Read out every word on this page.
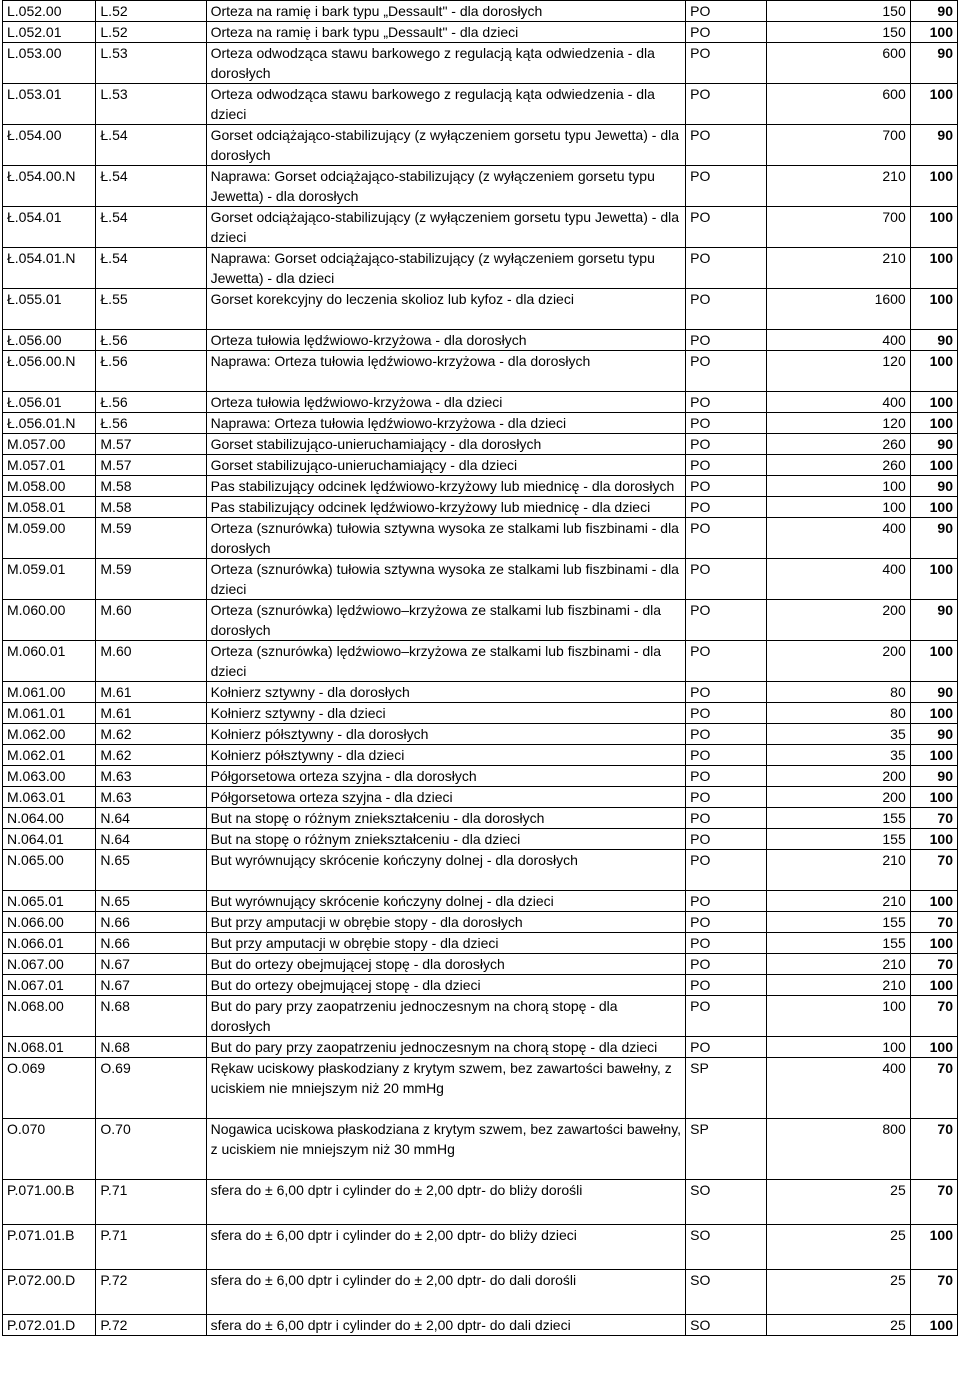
L.052.00	L.52	Orteza na ramię i bark typu „Dessault" - dla dorosłych	PO	150	90
L.052.01	L.52	Orteza na ramię i bark typu „Dessault" - dla dzieci	PO	150	100
L.053.00	L.53	Orteza odwodząca stawu barkowego z regulacją kąta odwiedzenia - dla dorosłych	PO	600	90
L.053.01	L.53	Orteza odwodząca stawu barkowego z regulacją kąta odwiedzenia - dla dzieci	PO	600	100
Ł.054.00	Ł.54	Gorset odciążająco-stabilizujący (z wyłączeniem gorsetu typu Jewetta) - dla dorosłych	PO	700	90
Ł.054.00.N	Ł.54	Naprawa: Gorset odciążająco-stabilizujący (z wyłączeniem gorsetu typu Jewetta) - dla dorosłych	PO	210	100
Ł.054.01	Ł.54	Gorset odciążająco-stabilizujący (z wyłączeniem gorsetu typu Jewetta) - dla dzieci	PO	700	100
Ł.054.01.N	Ł.54	Naprawa: Gorset odciążająco-stabilizujący (z wyłączeniem gorsetu typu Jewetta) - dla dzieci	PO	210	100
Ł.055.01	Ł.55	Gorset korekcyjny do leczenia skolioz lub kyfoz - dla dzieci	PO	1600	100
Ł.056.00	Ł.56	Orteza tułowia lędźwiowo-krzyżowa - dla dorosłych	PO	400	90
Ł.056.00.N	Ł.56	Naprawa: Orteza tułowia lędźwiowo-krzyżowa - dla dorosłych	PO	120	100
Ł.056.01	Ł.56	Orteza tułowia lędźwiowo-krzyżowa - dla dzieci	PO	400	100
Ł.056.01.N	Ł.56	Naprawa: Orteza tułowia lędźwiowo-krzyżowa - dla dzieci	PO	120	100
M.057.00	M.57	Gorset stabilizująco-unieruchamiający - dla dorosłych	PO	260	90
M.057.01	M.57	Gorset stabilizująco-unieruchamiający - dla dzieci	PO	260	100
M.058.00	M.58	Pas stabilizujący odcinek lędźwiowo-krzyżowy lub miednicę - dla dorosłych	PO	100	90
M.058.01	M.58	Pas stabilizujący odcinek lędźwiowo-krzyżowy lub miednicę - dla dzieci	PO	100	100
M.059.00	M.59	Orteza (sznurówka) tułowia sztywna wysoka ze stalkami lub fiszbinami - dla dorosłych	PO	400	90
M.059.01	M.59	Orteza (sznurówka) tułowia sztywna wysoka ze stalkami lub fiszbinami - dla dzieci	PO	400	100
M.060.00	M.60	Orteza (sznurówka) lędźwiowo–krzyżowa ze stalkami lub fiszbinami - dla dorosłych	PO	200	90
M.060.01	M.60	Orteza (sznurówka) lędźwiowo–krzyżowa ze stalkami lub fiszbinami - dla dzieci	PO	200	100
M.061.00	M.61	Kołnierz sztywny - dla dorosłych	PO	80	90
M.061.01	M.61	Kołnierz sztywny - dla dzieci	PO	80	100
M.062.00	M.62	Kołnierz półsztywny - dla dorosłych	PO	35	90
M.062.01	M.62	Kołnierz półsztywny - dla dzieci	PO	35	100
M.063.00	M.63	Półgorsetowa orteza szyjna - dla dorosłych	PO	200	90
M.063.01	M.63	Półgorsetowa orteza szyjna - dla dzieci	PO	200	100
N.064.00	N.64	But na stopę o różnym zniekształceniu - dla dorosłych	PO	155	70
N.064.01	N.64	But na stopę o różnym zniekształceniu - dla dzieci	PO	155	100
N.065.00	N.65	But wyrównujący skrócenie kończyny dolnej - dla dorosłych	PO	210	70
N.065.01	N.65	But wyrównujący skrócenie kończyny dolnej - dla dzieci	PO	210	100
N.066.00	N.66	But przy amputacji w obrębie stopy - dla dorosłych	PO	155	70
N.066.01	N.66	But przy amputacji w obrębie stopy - dla dzieci	PO	155	100
N.067.00	N.67	But do ortezy obejmującej stopę - dla dorosłych	PO	210	70
N.067.01	N.67	But do ortezy obejmującej stopę - dla dzieci	PO	210	100
N.068.00	N.68	But do pary przy zaopatrzeniu jednoczesnym na chorą stopę - dla dorosłych	PO	100	70
N.068.01	N.68	But do pary przy zaopatrzeniu jednoczesnym na chorą stopę - dla dzieci	PO	100	100
O.069	O.69	Rękaw uciskowy płaskodziany z krytym szwem, bez zawartości bawełny, z uciskiem nie mniejszym niż 20 mmHg	SP	400	70
O.070	O.70	Nogawica uciskowa płaskodziana z krytym szwem, bez zawartości bawełny, z uciskiem nie mniejszym niż 30 mmHg	SP	800	70
P.071.00.B	P.71	sfera do ± 6,00 dptr i cylinder do ± 2,00 dptr- do bliży dorośli	SO	25	70
P.071.01.B	P.71	sfera do ± 6,00 dptr i cylinder do ± 2,00 dptr- do bliży dzieci	SO	25	100
P.072.00.D	P.72	sfera do ± 6,00 dptr i cylinder do ± 2,00 dptr- do dali dorośli	SO	25	70
P.072.01.D	P.72	sfera do ± 6,00 dptr i cylinder do ± 2,00 dptr- do dali dzieci	SO	25	100
